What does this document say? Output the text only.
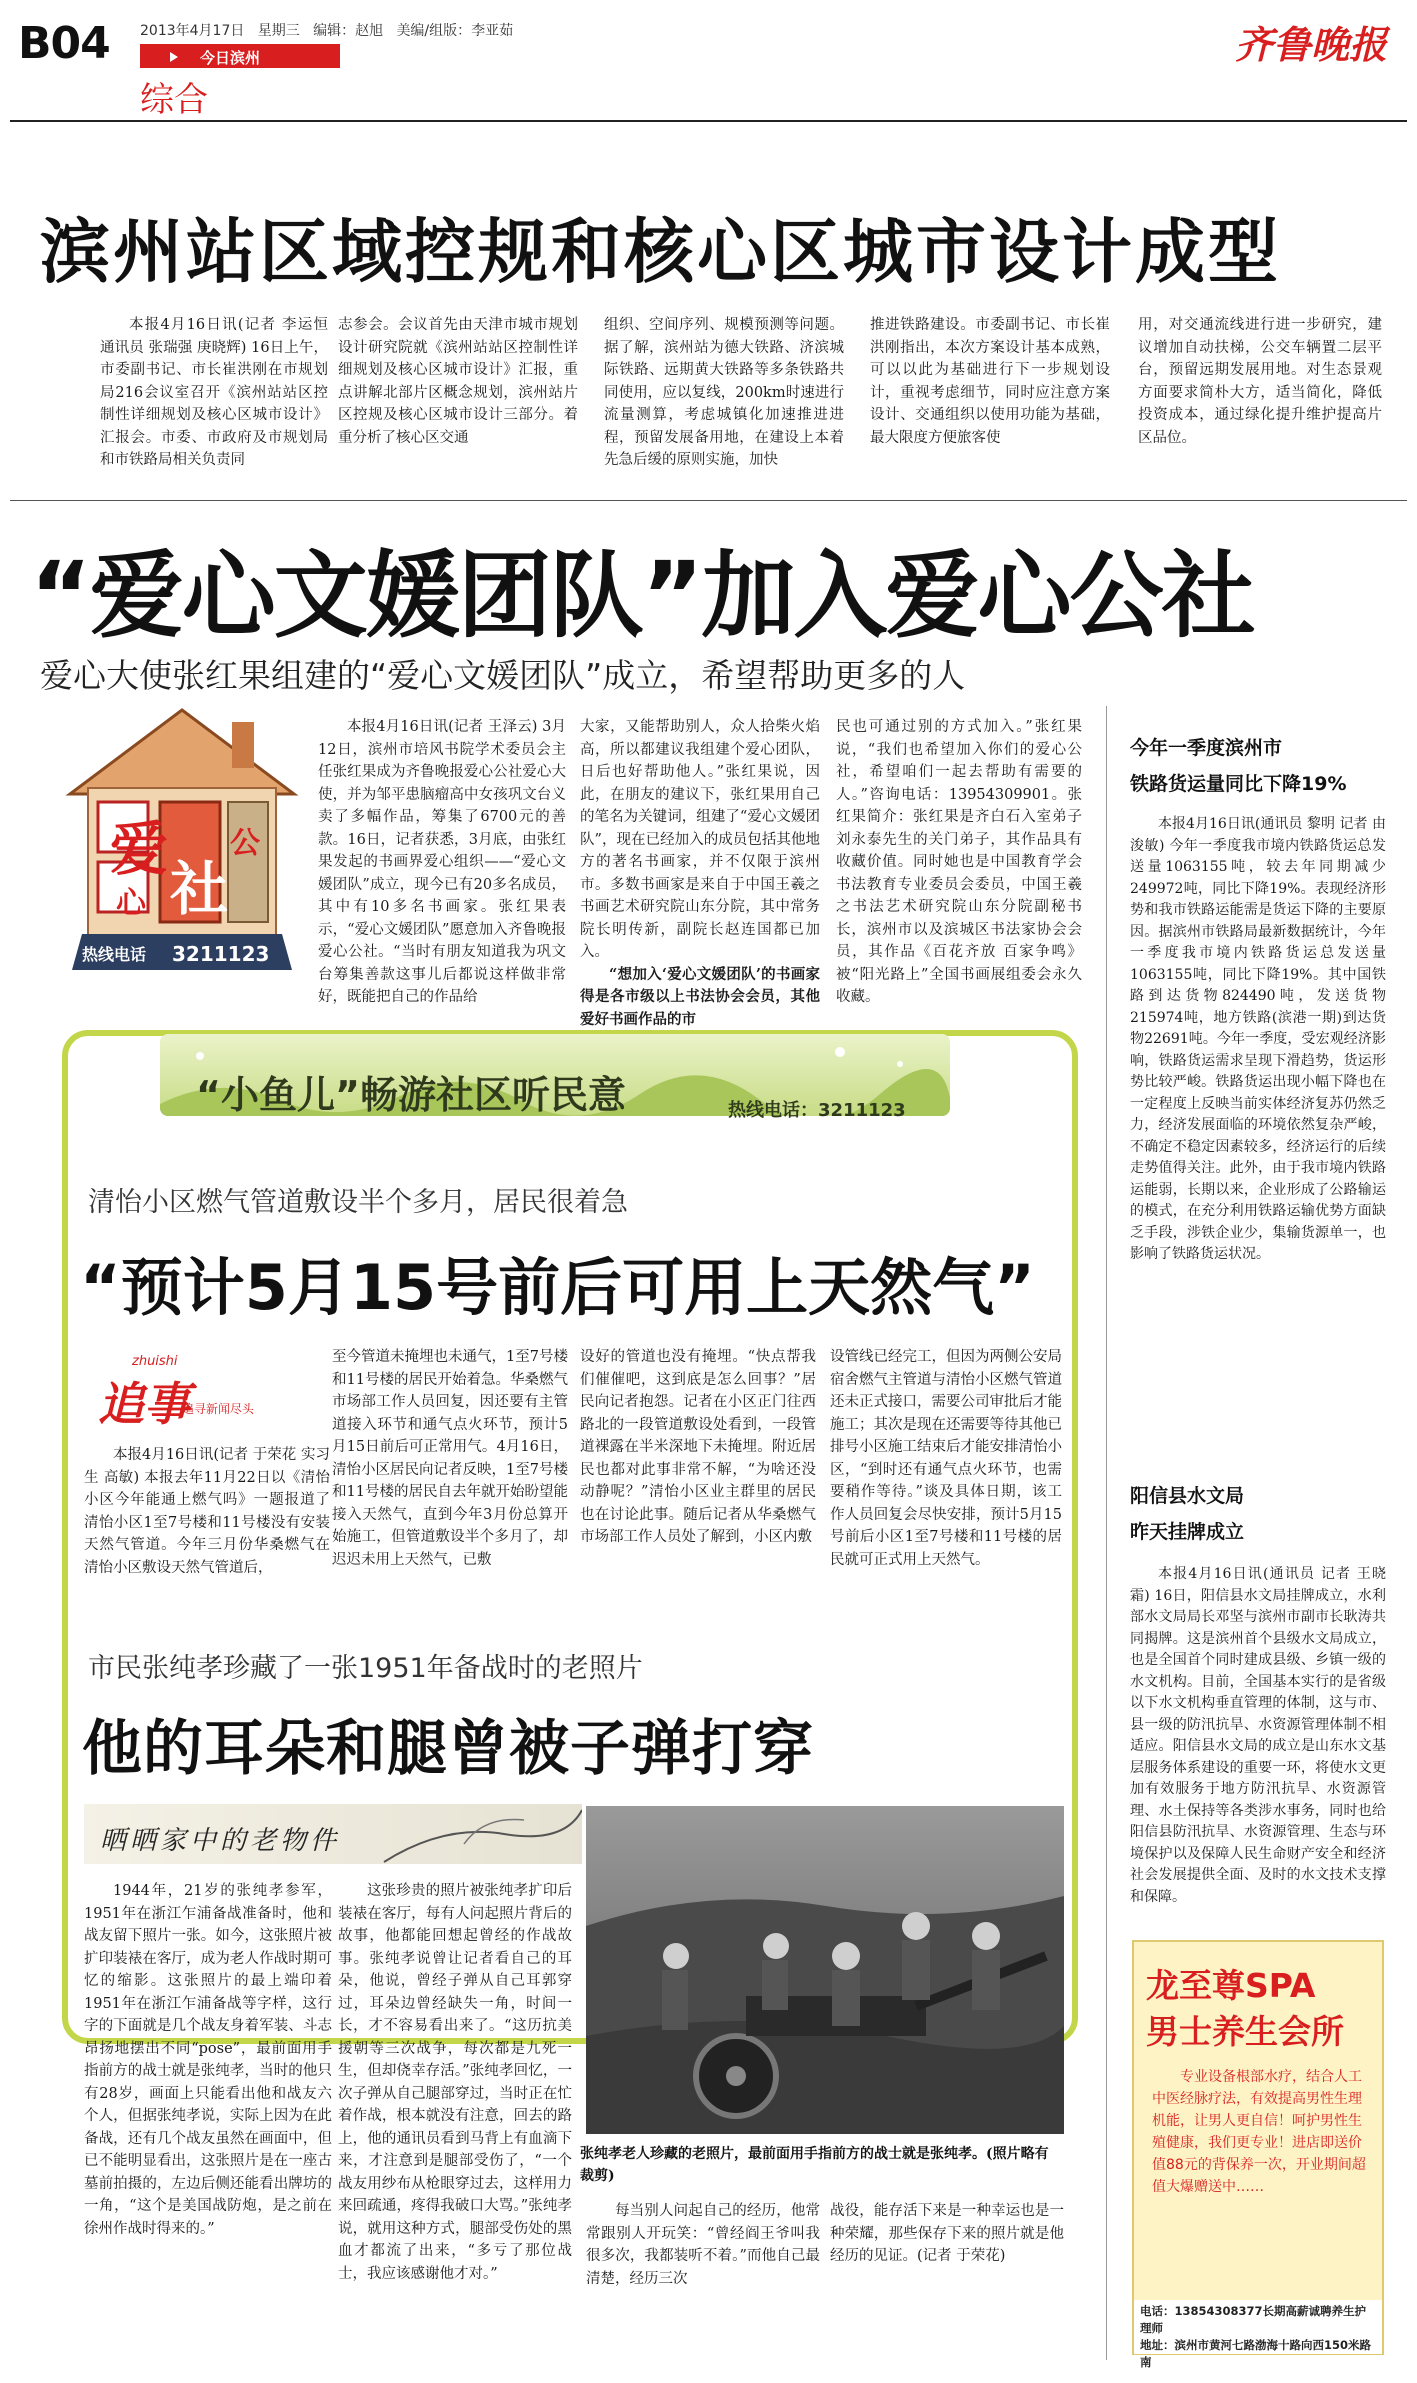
B04 2013年4月17日 星期三 编辑：赵旭 美编/组版：李亚茹
今日滨州
综合
齐鲁晚报
滨州站区域控规和核心区城市设计成型

本报4月16日讯(记者 李运恒 通讯员 张瑞强 庚晓辉) 16日上午，市委副书记、市长崔洪刚在市规划局216会议室召开《滨州站站区控制性详细规划及核心区城市设计》汇报会。市委、市政府及市规划局和市铁路局相关负责同

志参会。会议首先由天津市城市规划设计研究院就《滨州站站区控制性详细规划及核心区城市设计》汇报，重点讲解北部片区概念规划，滨州站片区控规及核心区城市设计三部分。着重分析了核心区交通

组织、空间序列、规模预测等问题。据了解，滨州站为德大铁路、济滨城际铁路、远期黄大铁路等多条铁路共同使用，应以复线，200km时速进行流量测算，考虑城镇化加速推进进程，预留发展备用地，在建设上本着先急后缓的原则实施，加快

推进铁路建设。市委副书记、市长崔洪刚指出，本次方案设计基本成熟，可以以此为基础进行下一步规划设计，重视考虑细节，同时应注意方案设计、交通组织以使用功能为基础，最大限度方便旅客使

用，对交通流线进行进一步研究，建议增加自动扶梯，公交车辆置二层平台，预留远期发展用地。对生态景观方面要求简朴大方，适当简化，降低投资成本，通过绿化提升维护提高片区品位。

“爱心文媛团队”加入爱心公社
爱心大使张红果组建的“爱心文媛团队”成立，希望帮助更多的人
爱
心
公
社
热线电话 3211123

本报4月16日讯(记者 王泽云) 3月12日，滨州市培风书院学术委员会主任张红果成为齐鲁晚报爱心公社爱心大使，并为邹平患脑瘤高中女孩巩文台义卖了多幅作品，筹集了6700元的善款。16日，记者获悉，3月底，由张红果发起的书画界爱心组织——“爱心文媛团队”成立，现今已有20多名成员，其中有10多名书画家。张红果表示，“爱心文媛团队”愿意加入齐鲁晚报爱心公社。“当时有朋友知道我为巩文台筹集善款这事儿后都说这样做非常好，既能把自己的作品给

大家，又能帮助别人，众人拾柴火焰高，所以都建议我组建个爱心团队，日后也好帮助他人。”张红果说，因此，在朋友的建议下，张红果用自己的笔名为关键词，组建了“爱心文媛团队”，现在已经加入的成员包括其他地方的著名书画家，并不仅限于滨州市。多数书画家是来自于中国王羲之书画艺术研究院山东分院，其中常务院长明传新，副院长赵连国都已加入。

“想加入‘爱心文媛团队’的书画家得是各市级以上书法协会会员，其他爱好书画作品的市

民也可通过别的方式加入。”张红果说，“我们也希望加入你们的爱心公社，希望咱们一起去帮助有需要的人。”咨询电话：13954309901。张红果简介：张红果是齐白石入室弟子刘永泰先生的关门弟子，其作品具有收藏价值。同时她也是中国教育学会书法教育专业委员会委员，中国王羲之书法艺术研究院山东分院副秘书长，滨州市以及滨城区书法家协会会员，其作品《百花齐放 百家争鸣》被“阳光路上”全国书画展组委会永久收藏。

今年一季度滨州市
铁路货运量同比下降19%

本报4月16日讯(通讯员 黎明 记者 由浚敏) 今年一季度我市境内铁路货运总发送量1063155吨，较去年同期减少249972吨，同比下降19%。表现经济形势和我市铁路运能需是货运下降的主要原因。据滨州市铁路局最新数据统计，今年一季度我市境内铁路货运总发送量1063155吨，同比下降19%。其中国铁路到达货物824490吨，发送货物215974吨，地方铁路(滨港一期)到达货物22691吨。今年一季度，受宏观经济影响，铁路货运需求呈现下滑趋势，货运形势比较严峻。铁路货运出现小幅下降也在一定程度上反映当前实体经济复苏仍然乏力，经济发展面临的环境依然复杂严峻，不确定不稳定因素较多，经济运行的后续走势值得关注。此外，由于我市境内铁路运能弱，长期以来，企业形成了公路输运的模式，在充分利用铁路运输优势方面缺乏手段，涉铁企业少，集输货源单一，也影响了铁路货运状况。

阳信县水文局
昨天挂牌成立

本报4月16日讯(通讯员 记者 王晓霜) 16日，阳信县水文局挂牌成立，水利部水文局局长邓坚与滨州市副市长耿涛共同揭牌。这是滨州首个县级水文局成立，也是全国首个同时建成县级、乡镇一级的水文机构。目前，全国基本实行的是省级以下水文机构垂直管理的体制，这与市、县一级的防汛抗旱、水资源管理体制不相适应。阳信县水文局的成立是山东水文基层服务体系建设的重要一环，将使水文更加有效服务于地方防汛抗旱、水资源管理、水土保持等各类涉水事务，同时也给阳信县防汛抗旱、水资源管理、生态与环境保护以及保障人民生命财产安全和经济社会发展提供全面、及时的水文技术支撑和保障。

“小鱼儿”畅游社区听民意	热线电话：3211123
清怡小区燃气管道敷设半个多月，居民很着急
“预计5月15号前后可用上天然气”
zhuishi
追事
追寻新闻尽头

本报4月16日讯(记者 于荣花 实习生 高敏) 本报去年11月22日以《清怡小区今年能通上燃气吗》一题报道了清怡小区1至7号楼和11号楼没有安装天然气管道。今年三月份华桑燃气在清怡小区敷设天然气管道后，

至今管道未掩埋也未通气，1至7号楼和11号楼的居民开始着急。华桑燃气市场部工作人员回复，因还要有主管道接入环节和通气点火环节，预计5月15日前后可正常用气。4月16日，清怡小区居民向记者反映，1至7号楼和11号楼的居民自去年就开始盼望能接入天然气，直到今年3月份总算开始施工，但管道敷设半个多月了，却迟迟未用上天然气，已敷

设好的管道也没有掩埋。“快点帮我们催催吧，这到底是怎么回事？”居民向记者抱怨。记者在小区正门往西路北的一段管道敷设处看到，一段管道裸露在半米深地下未掩埋。附近居民也都对此事非常不解，“为啥还没动静呢？”清怡小区业主群里的居民也在讨论此事。随后记者从华桑燃气市场部工作人员处了解到，小区内敷

设管线已经完工，但因为两侧公安局宿舍燃气主管道与清怡小区燃气管道还未正式接口，需要公司审批后才能施工；其次是现在还需要等待其他已排号小区施工结束后才能安排清怡小区，“到时还有通气点火环节，也需要稍作等待。”谈及具体日期，该工作人员回复会尽快安排，预计5月15号前后小区1至7号楼和11号楼的居民就可正式用上天然气。

市民张纯孝珍藏了一张1951年备战时的老照片
他的耳朵和腿曾被子弹打穿
晒晒家中的老物件

1944年，21岁的张纯孝参军，1951年在浙江乍浦备战准备时，他和战友留下照片一张。如今，这张照片被扩印装裱在客厅，成为老人作战时期可忆的缩影。这张照片的最上端印着1951年在浙江乍浦备战等字样，这行字的下面就是几个战友身着军装、斗志昂扬地摆出不同“pose”，最前面用手指前方的战士就是张纯孝，当时的他只有28岁，画面上只能看出他和战友六个人，但据张纯孝说，实际上因为在此备战，还有几个战友虽然在画面中，但已不能明显看出，这张照片是在一座古墓前拍摄的，左边后侧还能看出牌坊的一角，“这个是美国战防炮，是之前在徐州作战时得来的。”

这张珍贵的照片被张纯孝扩印后装裱在客厅，每有人问起照片背后的故事，他都能回想起曾经的作战故事。张纯孝说曾让记者看自己的耳朵，他说，曾经子弹从自己耳郭穿过，耳朵边曾经缺失一角，时间一长，才不容易看出来了。“这历抗美援朝等三次战争，每次都是九死一生，但却侥幸存活。”张纯孝回忆，一次子弹从自己腿部穿过，当时正在忙着作战，根本就没有注意，回去的路上，他的通讯员看到马背上有血滴下来，才注意到是腿部受伤了，“一个战友用纱布从枪眼穿过去，这样用力来回疏通，疼得我破口大骂。”张纯孝说，就用这种方式，腿部受伤处的黑血才都流了出来，“多亏了那位战士，我应该感谢他才对。”

张纯孝老人珍藏的老照片，最前面用手指前方的战士就是张纯孝。(照片略有裁剪)

每当别人问起自己的经历，他常常跟别人开玩笑：“曾经阎王爷叫我很多次，我都装听不着。”而他自己最清楚，经历三次

战役，能存活下来是一种幸运也是一种荣耀，那些保存下来的照片就是他经历的见证。(记者 于荣花)

龙至尊SPA
男士养生会所
专业设备根部水疗，结合人工中医经脉疗法，有效提高男性生理机能，让男人更自信！呵护男性生殖健康，我们更专业！进店即送价值88元的背保养一次，开业期间超值大爆赠送中……
电话：13854308377长期高薪诚聘养生护理师
地址：滨州市黄河七路渤海十路向西150米路南
